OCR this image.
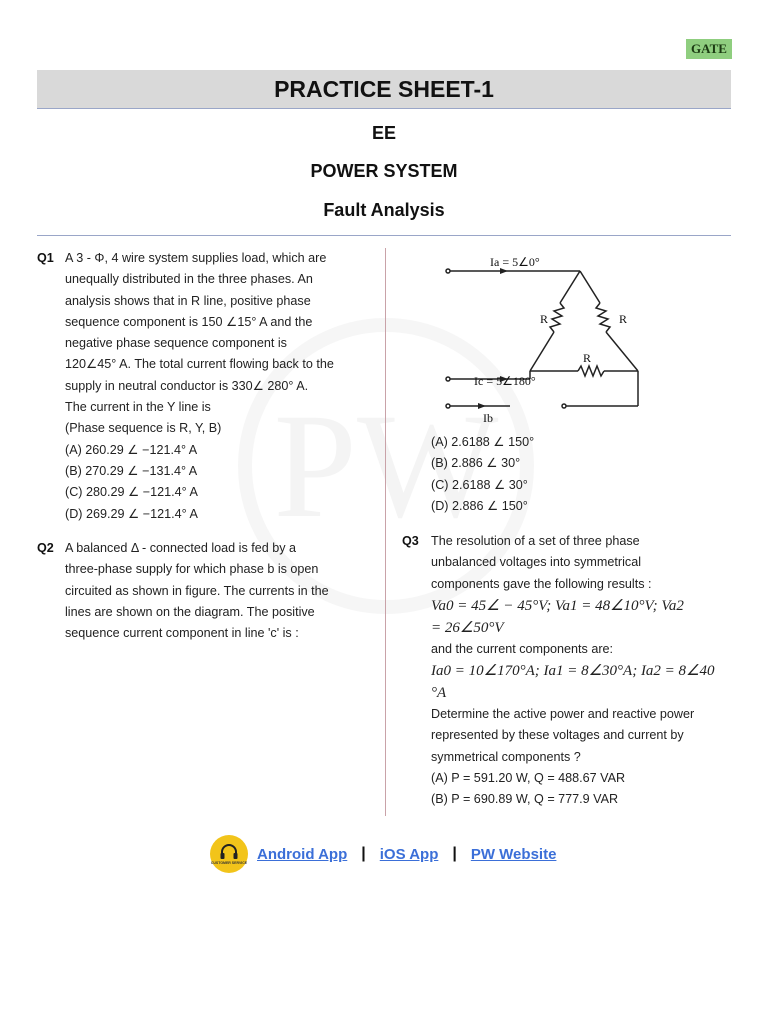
GATE
PRACTICE SHEET-1
EE
POWER SYSTEM
Fault Analysis
Q1 A 3 - Φ, 4 wire system supplies load, which are
unequally distributed in the three phases. An
analysis shows that in R line, positive phase
sequence component is 150 ∠15° A and the
negative phase sequence component is
120∠45° A. The total current flowing back to the
supply in neutral conductor is 330∠ 280° A.
The current in the Y line is
(Phase sequence is R, Y, B)
(A) 260.29 ∠ −121.4° A
(B) 270.29 ∠ −131.4° A
(C) 280.29 ∠ −121.4° A
(D) 269.29 ∠ −121.4° A
Q2 A balanced Δ - connected load is fed by a
three-phase supply for which phase b is open
circuited as shown in figure. The currents in the
lines are shown on the diagram. The positive
sequence current component in line 'c' is :
Ia = 5∠0°
Ic = 5∠180°
Ib
R	R
R
(A) 2.6188 ∠ 150°
(B) 2.886 ∠ 30°
(C) 2.6188 ∠ 30°
(D) 2.886 ∠ 150°
Q3 The resolution of a set of three phase
unbalanced voltages into symmetrical
components gave the following results :
Va0 = 45∠ − 45°V; Va1 = 48∠10°V; Va2
= 26∠50°V
and the current components are:
Ia0 = 10∠170°A; Ia1 = 8∠30°A; Ia2 = 8∠40
°A
Determine the active power and reactive power
represented by these voltages and current by
symmetrical components ?
(A) P = 591.20 W, Q = 488.67 VAR
(B) P = 690.89 W, Q = 777.9 VAR
CUSTOMER SERVICE Android App | iOS App | PW Website
